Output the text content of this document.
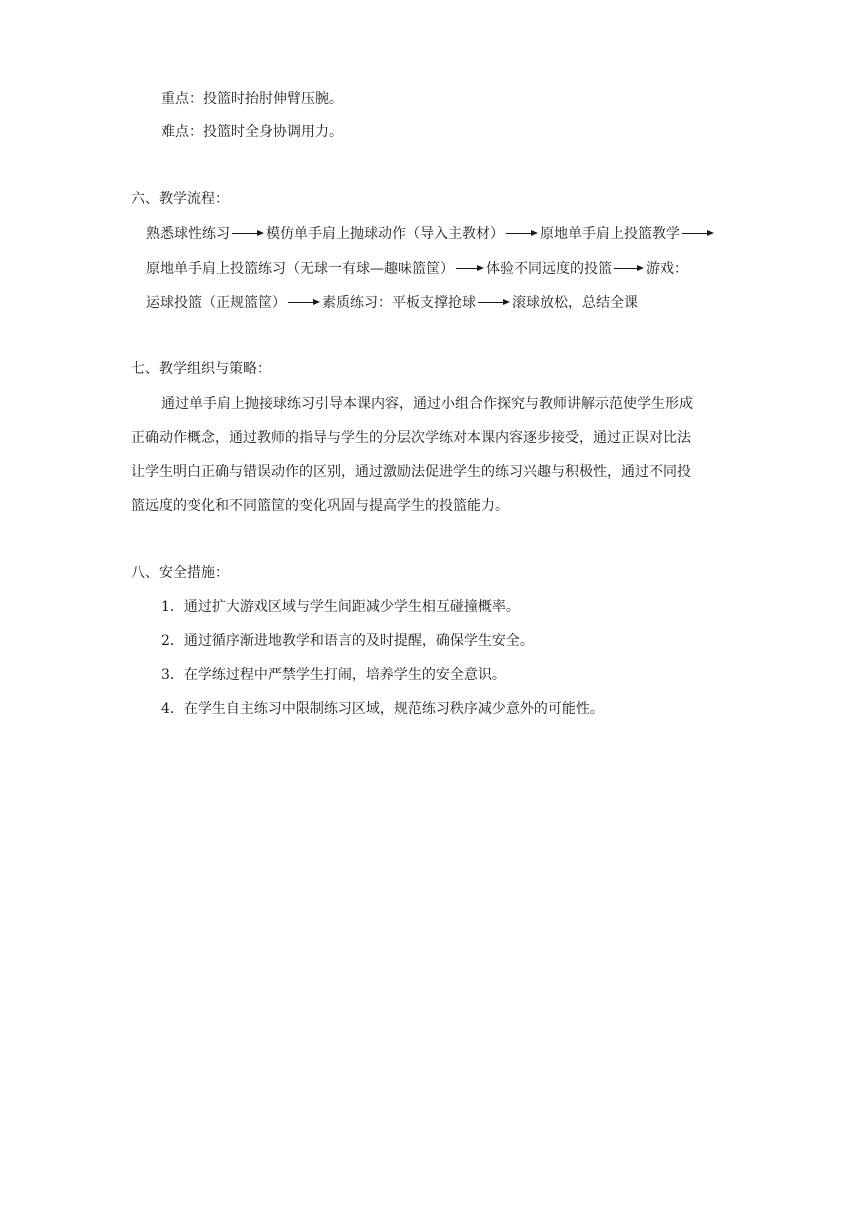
重点：投篮时抬肘伸臂压腕。
难点：投篮时全身协调用力。
六、教学流程：
熟悉球性练习	模仿单手肩上抛球动作（导入主教材）	原地单手肩上投篮教学
原地单手肩上投篮练习（无球一有球—趣味篮筐） 体验不同远度的投篮 游戏：
运球投篮（正规篮筐）	素质练习：平板支撑抢球	滚球放松，总结全课
七、教学组织与策略：
通过单手肩上抛接球练习引导本课内容，通过小组合作探究与教师讲解示范使学生形成
正确动作概念，通过教师的指导与学生的分层次学练对本课内容逐步接受，通过正误对比法
让学生明白正确与错误动作的区别，通过激励法促进学生的练习兴趣与积极性，通过不同投
篮远度的变化和不同篮筐的变化巩固与提高学生的投篮能力。
八、安全措施：
1．通过扩大游戏区域与学生间距减少学生相互碰撞概率。
2．通过循序渐进地教学和语言的及时提醒，确保学生安全。
3．在学练过程中严禁学生打闹，培养学生的安全意识。
4．在学生自主练习中限制练习区域，规范练习秩序减少意外的可能性。
